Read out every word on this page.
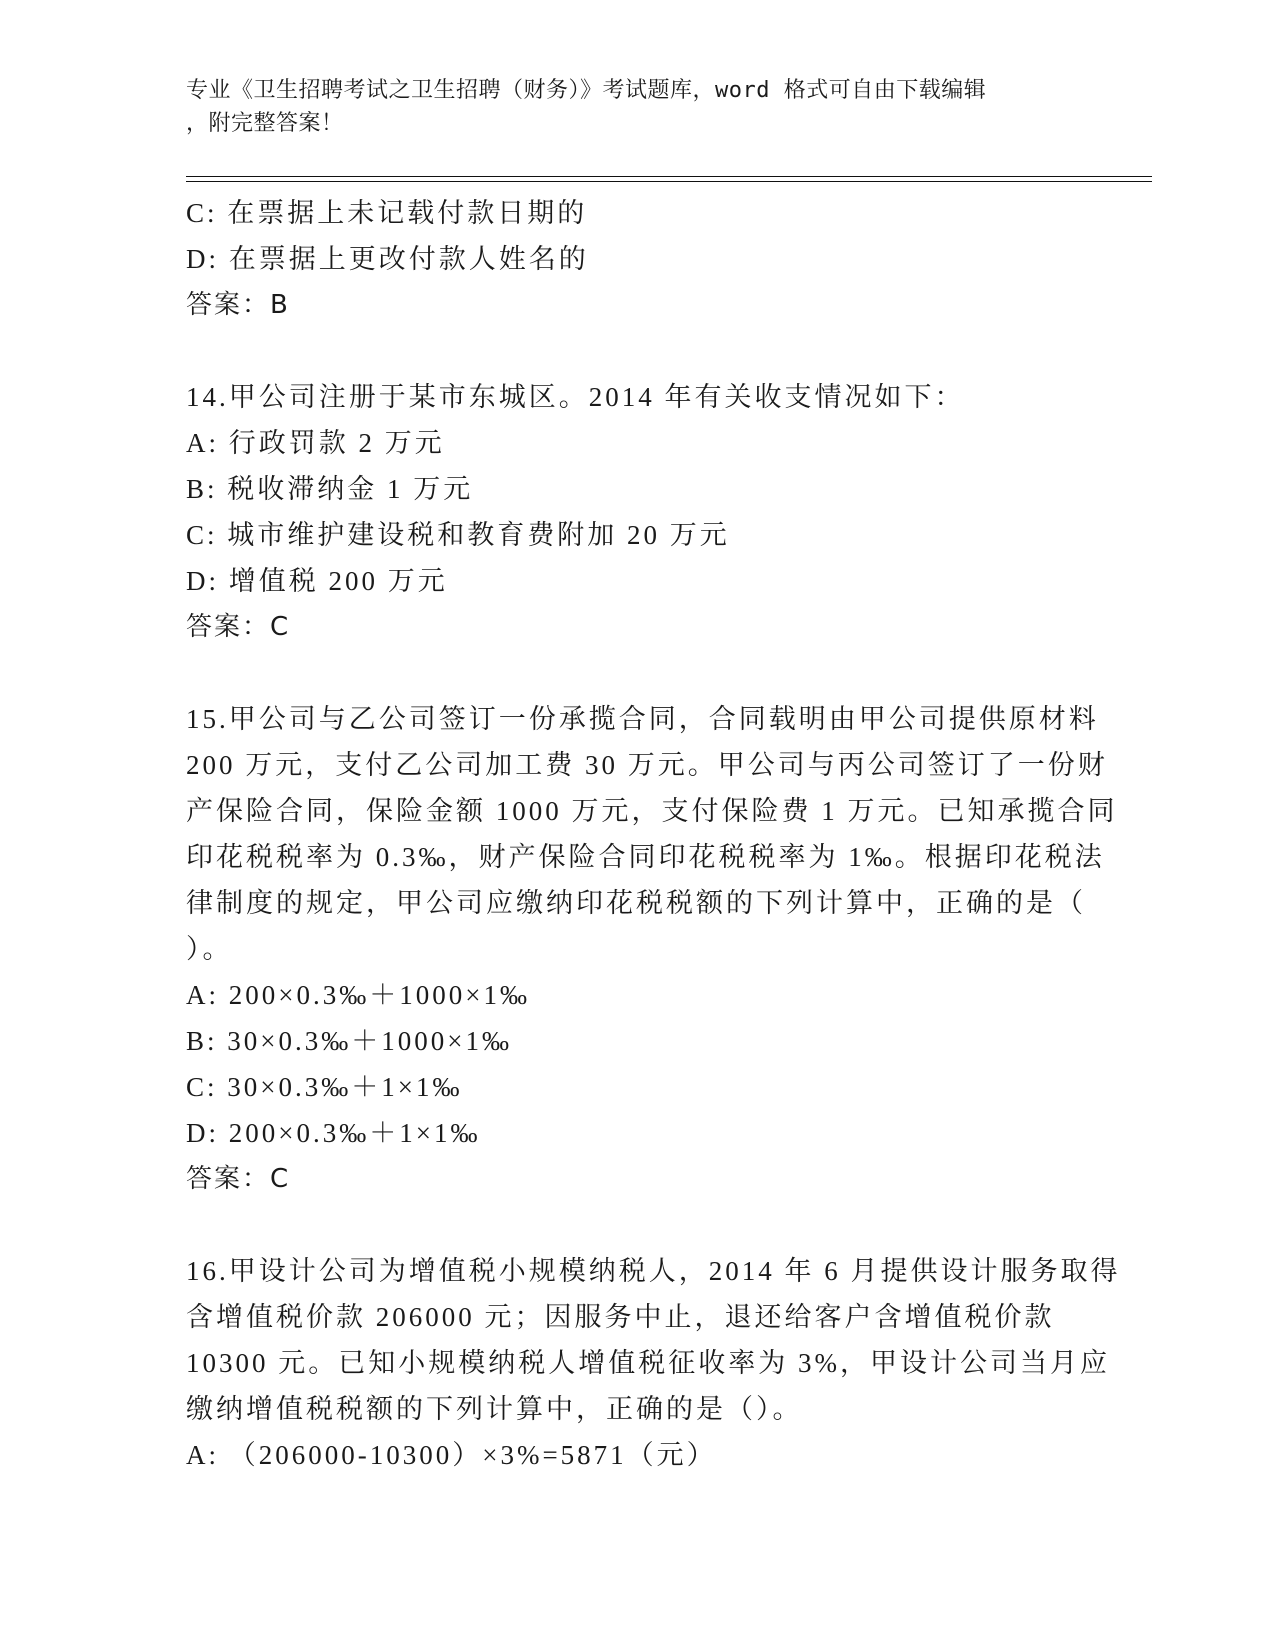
专业《卫生招聘考试之卫生招聘（财务）》考试题库，word 格式可自由下载编辑
，附完整答案！
C: 在票据上未记载付款日期的
D: 在票据上更改付款人姓名的
答案：B
14.甲公司注册于某市东城区。2014 年有关收支情况如下：
A: 行政罚款 2 万元
B: 税收滞纳金 1 万元
C: 城市维护建设税和教育费附加 20 万元
D: 增值税 200 万元
答案：C
15.甲公司与乙公司签订一份承揽合同，合同载明由甲公司提供原材料
200 万元，支付乙公司加工费 30 万元。甲公司与丙公司签订了一份财
产保险合同，保险金额 1000 万元，支付保险费 1 万元。已知承揽合同
印花税税率为 0.3‰，财产保险合同印花税税率为 1‰。根据印花税法
律制度的规定，甲公司应缴纳印花税税额的下列计算中，正确的是（
）。
A: 200×0.3‰＋1000×1‰
B: 30×0.3‰＋1000×1‰
C: 30×0.3‰＋1×1‰
D: 200×0.3‰＋1×1‰
答案：C
16.甲设计公司为增值税小规模纳税人，2014 年 6 月提供设计服务取得
含增值税价款 206000 元；因服务中止，退还给客户含增值税价款
10300 元。已知小规模纳税人增值税征收率为 3%，甲设计公司当月应
缴纳增值税税额的下列计算中，正确的是（）。
A: （206000-10300）×3%=5871（元）
